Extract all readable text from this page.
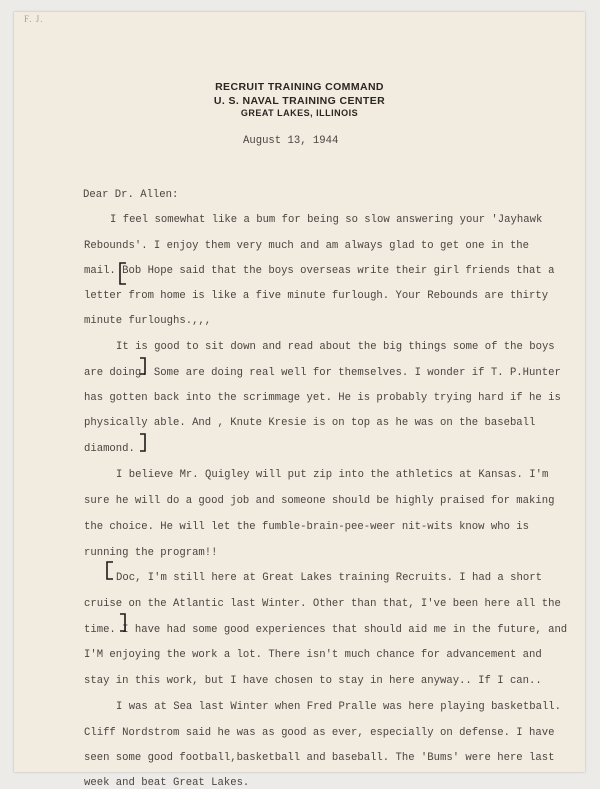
F. J.
RECRUIT TRAINING COMMAND
U. S. NAVAL TRAINING CENTER
GREAT LAKES, ILLINOIS
August 13, 1944
Dear Dr. Allen:
I feel somewhat like a bum for being so slow answering your 'Jayhawk
Rebounds'. I enjoy them very much and am always glad to get one in the
mail. Bob Hope said that the boys overseas write their girl friends that a
letter from home is like a five minute furlough. Your Rebounds are thirty
minute furloughs.,,,
It is good to sit down and read about the big things some of the boys
are doing. Some are doing real well for themselves. I wonder if T. P.Hunter
has gotten back into the scrimmage yet. He is probably trying hard if he is
physically able. And , Knute Kresie is on top as he was on the baseball
diamond.
I believe Mr. Quigley will put zip into the athletics at Kansas. I'm
sure he will do a good job and someone should be highly praised for making
the choice. He will let the fumble-brain-pee-weer nit-wits know who is
running the program!!
Doc, I'm still here at Great Lakes training Recruits. I had a short
cruise on the Atlantic last Winter. Other than that, I've been here all the
time. I have had some good experiences that should aid me in the future, and
I'M enjoying the work a lot. There isn't much chance for advancement and
stay in this work, but I have chosen to stay in here anyway.. If I can..
I was at Sea last Winter when Fred Pralle was here playing basketball.
Cliff Nordstrom said he was as good as ever, especially on defense. I have
seen some good football,basketball and baseball. The 'Bums' were here last
week and beat Great Lakes.
